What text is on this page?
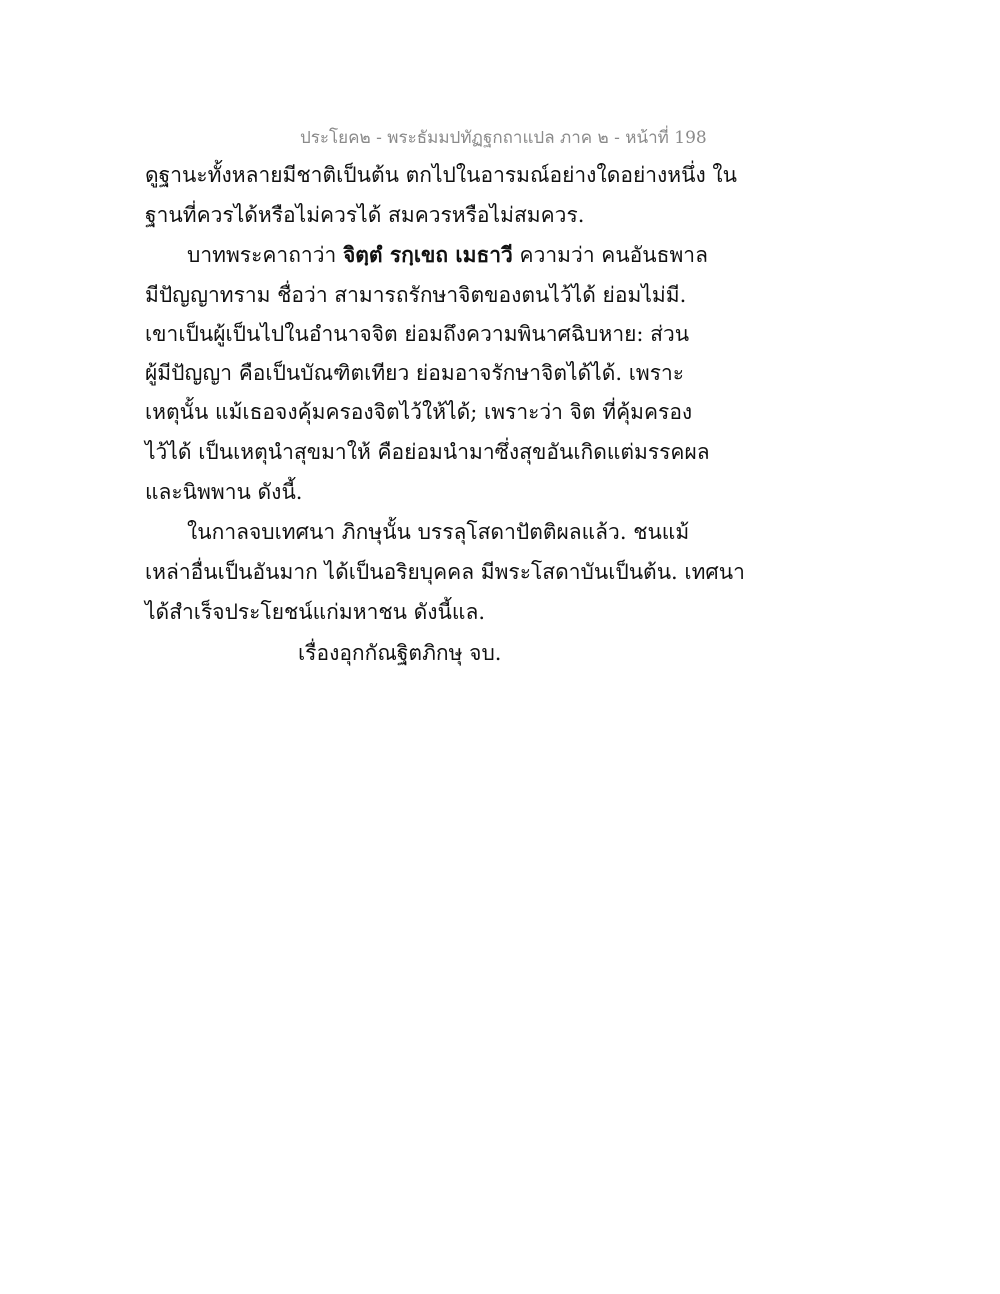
ประโยค๒ - พระธัมมปทัฏฐกถาแปล ภาค ๒ - หน้าที่ 198
ดูฐานะทั้งหลายมีชาติเป็นต้น ตกไปในอารมณ์อย่างใดอย่างหนึ่ง ใน
ฐานที่ควรได้หรือไม่ควรได้ สมควรหรือไม่สมควร.
บาทพระคาถาว่า จิตฺตํ รกฺเขถ เมธาวี ความว่า คนอันธพาล
มีปัญญาทราม ชื่อว่า สามารถรักษาจิตของตนไว้ได้ ย่อมไม่มี.
เขาเป็นผู้เป็นไปในอำนาจจิต ย่อมถึงความพินาศฉิบหาย: ส่วน
ผู้มีปัญญา คือเป็นบัณฑิตเทียว ย่อมอาจรักษาจิตได้ได้. เพราะ
เหตุนั้น แม้เธอจงคุ้มครองจิตไว้ให้ได้; เพราะว่า จิต ที่คุ้มครอง
ไว้ได้ เป็นเหตุนำสุขมาให้ คือย่อมนำมาซึ่งสุขอันเกิดแต่มรรคผล
และนิพพาน ดังนี้.
ในกาลจบเทศนา ภิกษุนั้น บรรลุโสดาปัตติผลแล้ว. ชนแม้
เหล่าอื่นเป็นอันมาก ได้เป็นอริยบุคคล มีพระโสดาบันเป็นต้น. เทศนา
ได้สำเร็จประโยชน์แก่มหาชน ดังนี้แล.
เรื่องอุกกัณฐิตภิกษุ จบ.
